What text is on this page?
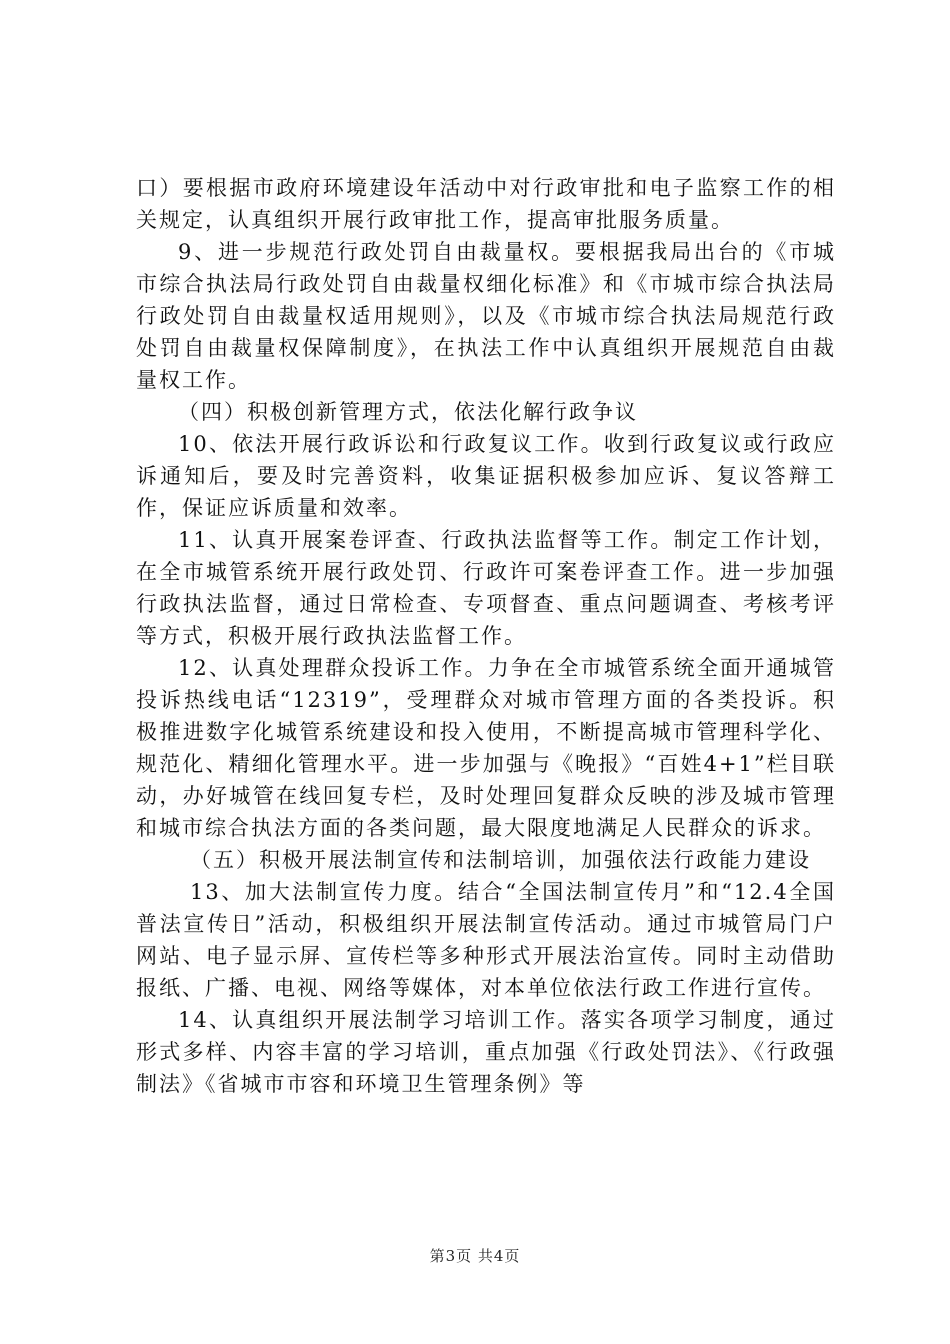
口）要根据市政府环境建设年活动中对行政审批和电子监察工作的相关规定，认真组织开展行政审批工作，提高审批服务质量。

9、进一步规范行政处罚自由裁量权。要根据我局出台的《市城市综合执法局行政处罚自由裁量权细化标准》和《市城市综合执法局行政处罚自由裁量权适用规则》，以及《市城市综合执法局规范行政处罚自由裁量权保障制度》，在执法工作中认真组织开展规范自由裁量权工作。

（四）积极创新管理方式，依法化解行政争议

10、依法开展行政诉讼和行政复议工作。收到行政复议或行政应诉通知后，要及时完善资料，收集证据积极参加应诉、复议答辩工作，保证应诉质量和效率。

11、认真开展案卷评查、行政执法监督等工作。制定工作计划，在全市城管系统开展行政处罚、行政许可案卷评查工作。进一步加强行政执法监督，通过日常检查、专项督查、重点问题调查、考核考评等方式，积极开展行政执法监督工作。

12、认真处理群众投诉工作。力争在全市城管系统全面开通城管投诉热线电话“12319”，受理群众对城市管理方面的各类投诉。积极推进数字化城管系统建设和投入使用，不断提高城市管理科学化、规范化、精细化管理水平。进一步加强与《晚报》“百姓4+1”栏目联动，办好城管在线回复专栏，及时处理回复群众反映的涉及城市管理和城市综合执法方面的各类问题，最大限度地满足人民群众的诉求。

（五）积极开展法制宣传和法制培训，加强依法行政能力建设

13、加大法制宣传力度。结合“全国法制宣传月”和“12.4全国普法宣传日”活动，积极组织开展法制宣传活动。通过市城管局门户网站、电子显示屏、宣传栏等多种形式开展法治宣传。同时主动借助报纸、广播、电视、网络等媒体，对本单位依法行政工作进行宣传。

14、认真组织开展法制学习培训工作。落实各项学习制度，通过形式多样、内容丰富的学习培训，重点加强《行政处罚法》、《行政强制法》《省城市市容和环境卫生管理条例》等

第3页 共4页
